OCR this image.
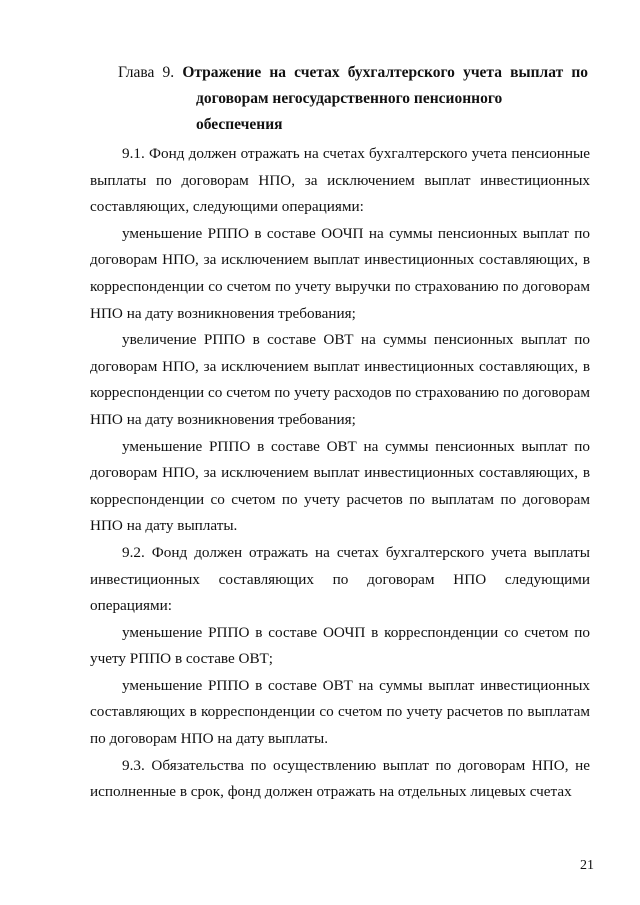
Глава 9. Отражение на счетах бухгалтерского учета выплат по
договорам негосударственного пенсионного обеспечения

9.1. Фонд должен отражать на счетах бухгалтерского учета пенсионные выплаты по договорам НПО, за исключением выплат инвестиционных составляющих, следующими операциями:

уменьшение РППО в составе ООЧП на суммы пенсионных выплат по договорам НПО, за исключением выплат инвестиционных составляющих, в корреспонденции со счетом по учету выручки по страхованию по договорам НПО на дату возникновения требования;

увеличение РППО в составе ОВТ на суммы пенсионных выплат по договорам НПО, за исключением выплат инвестиционных составляющих, в корреспонденции со счетом по учету расходов по страхованию по договорам НПО на дату возникновения требования;

уменьшение РППО в составе ОВТ на суммы пенсионных выплат по договорам НПО, за исключением выплат инвестиционных составляющих, в корреспонденции со счетом по учету расчетов по выплатам по договорам НПО на дату выплаты.

9.2. Фонд должен отражать на счетах бухгалтерского учета выплаты инвестиционных составляющих по договорам НПО следующими операциями:

уменьшение РППО в составе ООЧП в корреспонденции со счетом по учету РППО в составе ОВТ;

уменьшение РППО в составе ОВТ на суммы выплат инвестиционных составляющих в корреспонденции со счетом по учету расчетов по выплатам по договорам НПО на дату выплаты.

9.3. Обязательства по осуществлению выплат по договорам НПО, не исполненные в срок, фонд должен отражать на отдельных лицевых счетах

21
